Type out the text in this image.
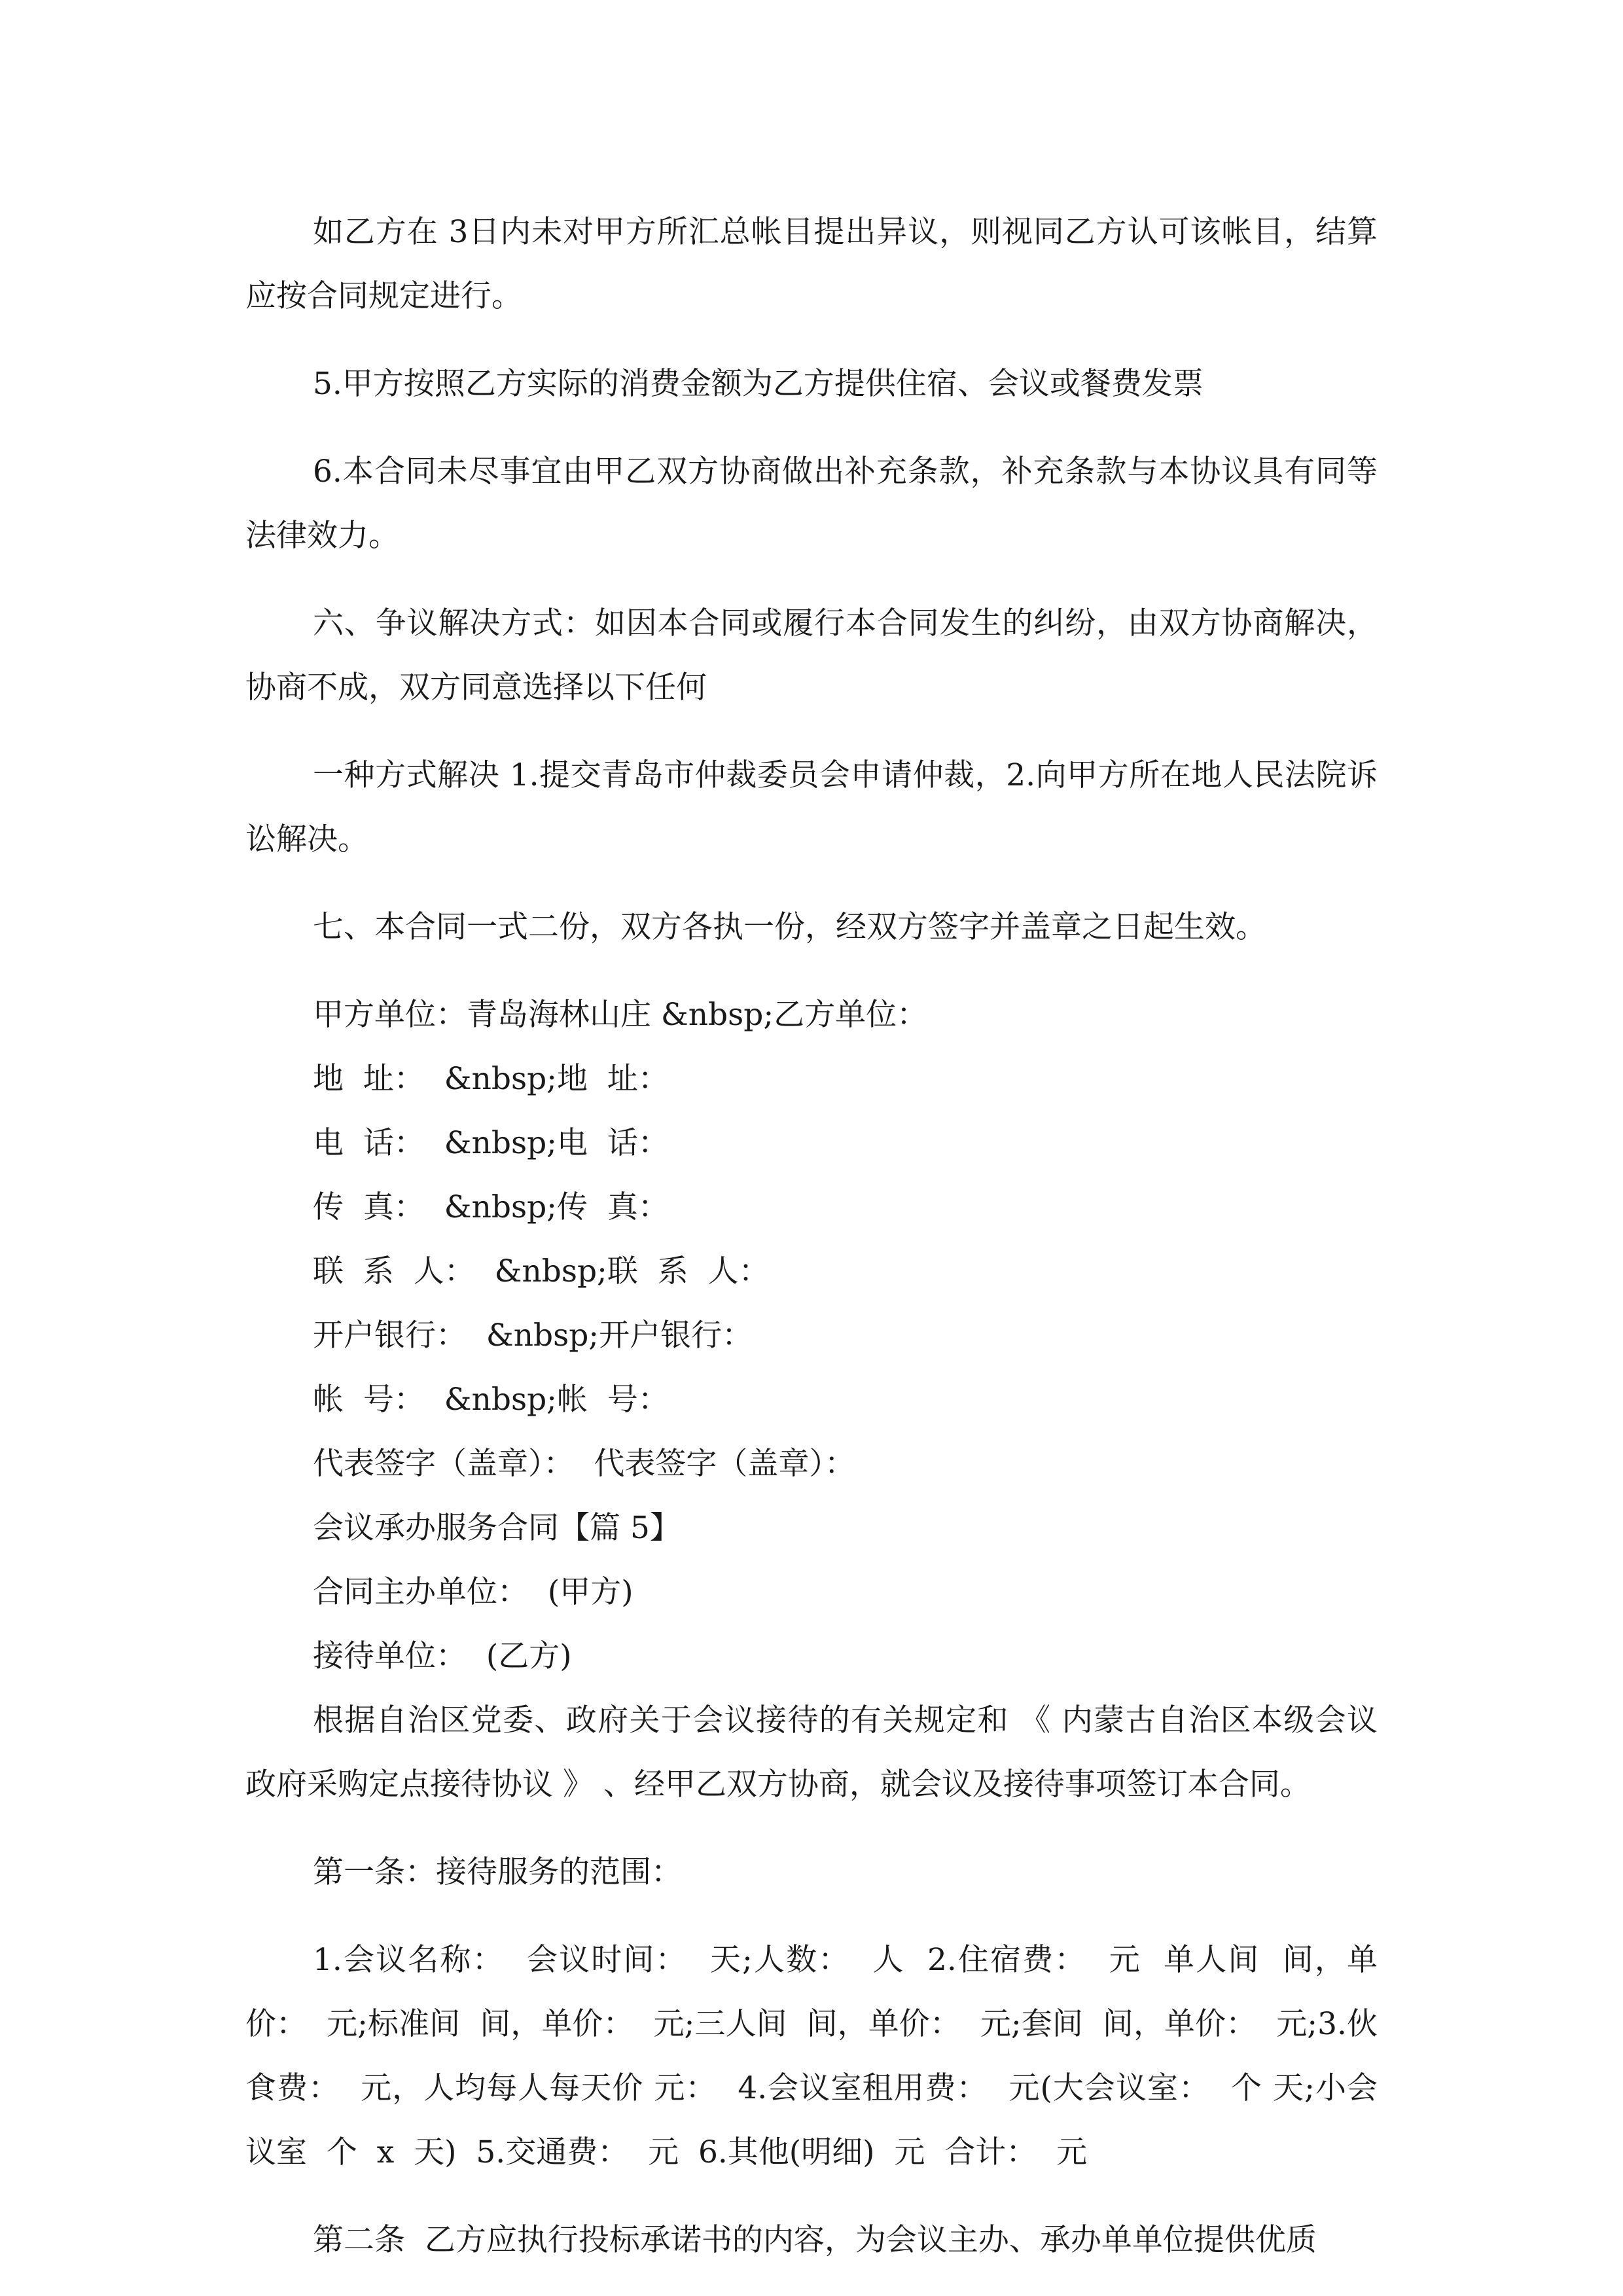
如乙方在 3日内未对甲方所汇总帐目提出异议，则视同乙方认可该帐目，结算应按合同规定进行。

5.甲方按照乙方实际的消费金额为乙方提供住宿、会议或餐费发票

6.本合同未尽事宜由甲乙双方协商做出补充条款，补充条款与本协议具有同等法律效力。

六、争议解决方式：如因本合同或履行本合同发生的纠纷，由双方协商解决，协商不成，双方同意选择以下任何

一种方式解决 1.提交青岛市仲裁委员会申请仲裁，2.向甲方所在地人民法院诉讼解决。

七、本合同一式二份，双方各执一份，经双方签字并盖章之日起生效。

甲方单位：青岛海林山庄 &nbsp;乙方单位：

地  址：  &nbsp;地  址：

电  话：  &nbsp;电  话：

传  真：  &nbsp;传  真：

联  系  人：  &nbsp;联  系  人：

开户银行：  &nbsp;开户银行：

帐  号：  &nbsp;帐  号：

代表签字（盖章）：  代表签字（盖章）：

会议承办服务合同【篇 5】

合同主办单位：  (甲方)

接待单位：  (乙方)

根据自治区党委、政府关于会议接待的有关规定和 《 内蒙古自治区本级会议政府采购定点接待协议 》 、经甲乙双方协商，就会议及接待事项签订本合同。

第一条：接待服务的范围：

1.会议名称：  会议时间：  天;人数：  人  2.住宿费：  元  单人间  间，单价：  元;标准间  间，单价：  元;三人间  间，单价：  元;套间  间，单价：  元;3.伙食费：  元，人均每人每天价 元：  4.会议室租用费：  元(大会议室：  个 天;小会议室  个  x  天)  5.交通费：  元  6.其他(明细)  元  合计：  元

第二条  乙方应执行投标承诺书的内容，为会议主办、承办单单位提供优质
